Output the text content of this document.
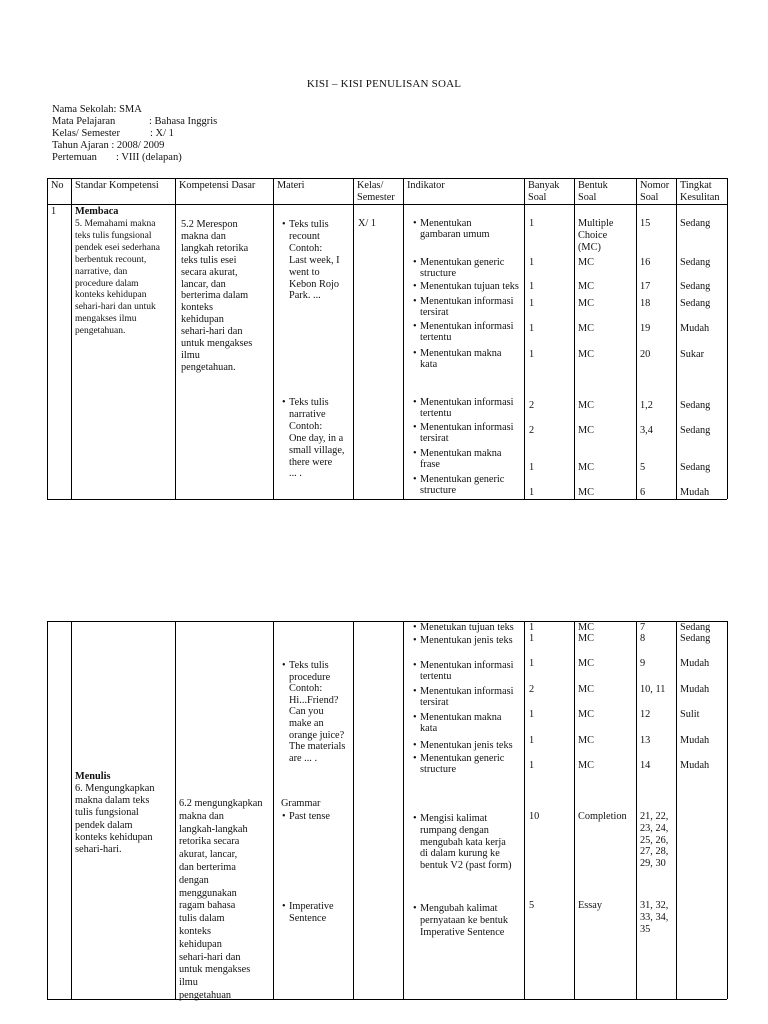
KISI – KISI PENULISAN SOAL
Nama Sekolah: SMA
Mata Pelajaran	: Bahasa Inggris
Kelas/ Semester	: X/ 1
Tahun Ajaran : 2008/ 2009
Pertemuan : VIII (delapan)
No Standar Kompetensi Kompetensi Dasar Materi	Kelas/
Semester
Indikator	Banyak
Soal
Bentuk
Soal
Nomor
Soal
Tingkat
Kesulitan
1 Membaca
5. Memahami makna
teks tulis fungsional
pendek esei sederhana
berbentuk recount,
narrative, dan
procedure dalam
konteks kehidupan
sehari-hari dan untuk
mengakses ilmu
pengetahuan.
5.2 Merespon
makna dan
langkah retorika
teks tulis esei
secara akurat,
lancar, dan
berterima dalam
konteks
kehidupan
sehari-hari dan
untuk mengakses
ilmu
pengetahuan.
• Teks tulis
recount
Contoh:
Last week, I
went to
Kebon Rojo
Park. ...
• Teks tulis
narrative
Contoh:
One day, in a
small village,
there were
... .
X/ 1
•	Menentukan
gambaran umum
1	Multiple
Choice
(MC)
15	Sedang
• Menentukan generic
structure
1	MC	16	Sedang
• Menentukan tujuan teks 1	MC	17	Sedang
• Menentukan informasi
tersirat
1	MC	18	Sedang
• Menentukan informasi
tertentu
1	MC	19	Mudah
• Menentukan makna
kata
1	MC	20	Sukar
• Menentukan informasi
tertentu
2	MC	1,2	Sedang
• Menentukan informasi
tersirat
2	MC	3,4	Sedang
• Menentukan makna
frase	1	MC	5	Sedang
• Menentukan generic
structure	1	MC	6	Mudah
Menulis
6. Mengungkapkan
makna dalam teks
tulis fungsional
pendek dalam
konteks kehidupan
sehari-hari.
6.2 mengungkapkan
makna dan
langkah-langkah
retorika secara
akurat, lancar,
dan berterima
dengan
menggunakan
ragam bahasa
tulis dalam
konteks
kehidupan
sehari-hari dan
untuk mengakses
ilmu
pengetahuan
• Teks tulis
procedure
Contoh:
Hi...Friend?
Can you
make an
orange juice?
The materials
are ... .
Grammar
• Past tense
• Imperative
Sentence
• Menetukan tujuan teks 1	MC	7	Sedang
• Menentukan jenis teks 1	MC	8	Sedang
• Menentukan informasi
tertentu
1	MC	9	Mudah
• Menentukan informasi
tersirat
2	MC	10, 11 Mudah
• Menentukan makna
kata
1	MC	12	Sulit
• Menentukan jenis teks 1	MC	13	Mudah
• Menentukan generic
structure	1	MC	14	Mudah
• Mengisi kalimat
rumpang dengan
mengubah kata kerja
di dalam kurung ke
bentuk V2 (past form)
10	Completion 21, 22,
23, 24,
25, 26,
27, 28,
29, 30
• Mengubah kalimat
pernyataan ke bentuk
Imperative Sentence
5	Essay	31, 32,
33, 34,
35
